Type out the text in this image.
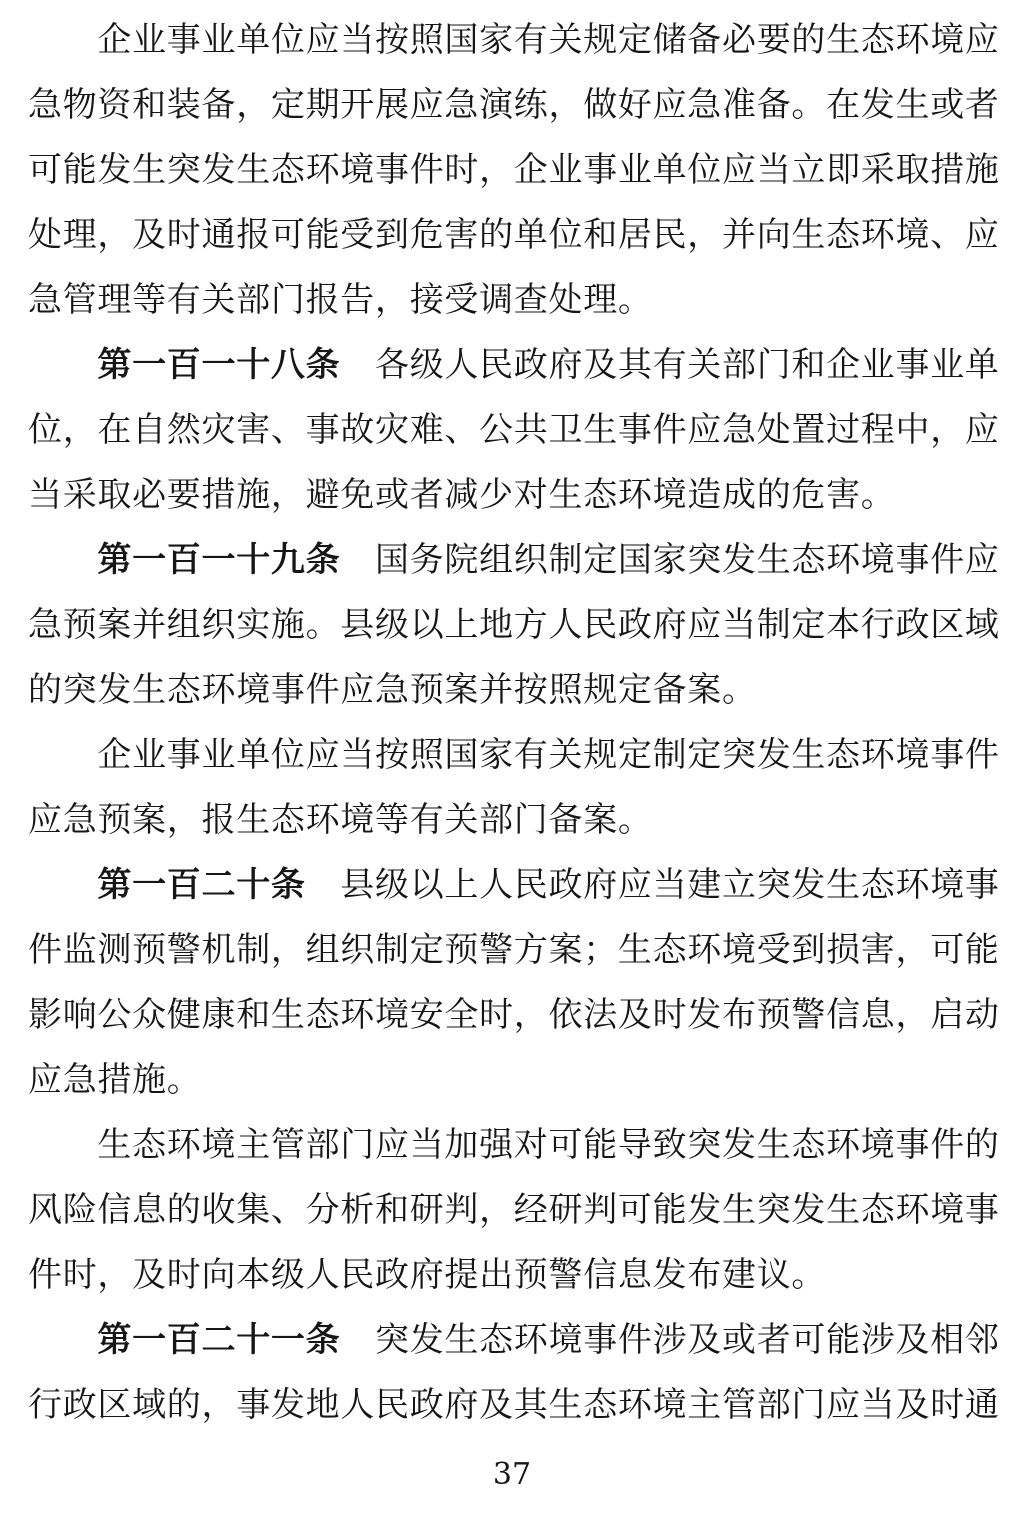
企业事业单位应当按照国家有关规定储备必要的生态环境应
急物资和装备，定期开展应急演练，做好应急准备。在发生或者
可能发生突发生态环境事件时，企业事业单位应当立即采取措施
处理，及时通报可能受到危害的单位和居民，并向生态环境、应
急管理等有关部门报告，接受调查处理。
第一百一十八条　各级人民政府及其有关部门和企业事业单
位，在自然灾害、事故灾难、公共卫生事件应急处置过程中，应
当采取必要措施，避免或者减少对生态环境造成的危害。
第一百一十九条　国务院组织制定国家突发生态环境事件应
急预案并组织实施。县级以上地方人民政府应当制定本行政区域
的突发生态环境事件应急预案并按照规定备案。
企业事业单位应当按照国家有关规定制定突发生态环境事件
应急预案，报生态环境等有关部门备案。
第一百二十条　县级以上人民政府应当建立突发生态环境事
件监测预警机制，组织制定预警方案；生态环境受到损害，可能
影响公众健康和生态环境安全时，依法及时发布预警信息，启动
应急措施。
生态环境主管部门应当加强对可能导致突发生态环境事件的
风险信息的收集、分析和研判，经研判可能发生突发生态环境事
件时，及时向本级人民政府提出预警信息发布建议。
第一百二十一条　突发生态环境事件涉及或者可能涉及相邻
行政区域的，事发地人民政府及其生态环境主管部门应当及时通
37
